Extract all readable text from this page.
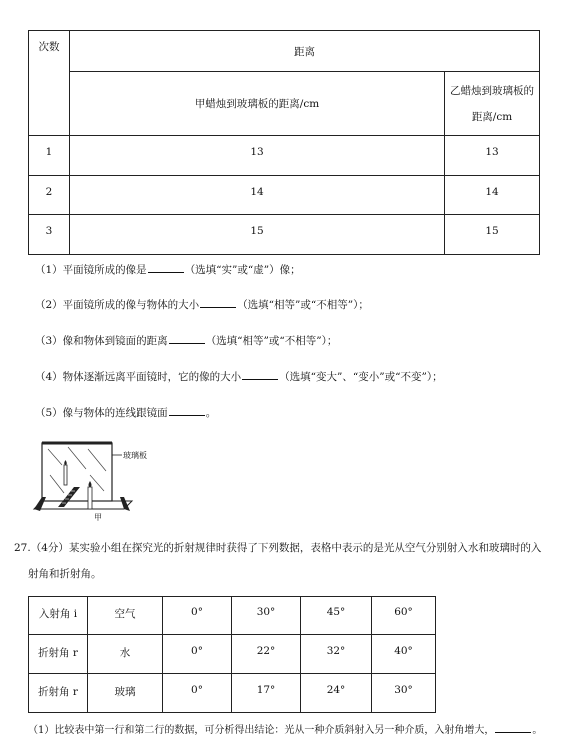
次数	距离	
	甲蜡烛到玻璃板的距离/cm	乙蜡烛到玻璃板的
距离/cm
1	13	13
2	14	14
3	15	15
（1）平面镜所成的像是	（选填“实”或“虚”）像；
（2）平面镜所成的像与物体的大小	（选填“相等”或“不相等”）；
（3）像和物体到镜面的距离	（选填“相等”或“不相等”）；
（4）物体逐渐远离平面镜时，它的像的大小	（选填“变大”、“变小”或“不变”）；
（5）像与物体的连线跟镜面	。
玻璃板
甲
27.（4分）某实验小组在探究光的折射规律时获得了下列数据，表格中表示的是光从空气分别射入水和玻璃时的入
射角和折射角。
入射角 i	空气	0°	30°	45°	60°
折射角 r	水	0°	22°	32°	40°
折射角 r	玻璃	0°	17°	24°	30°
（1）比较表中第一行和第二行的数据，可分析得出结论：光从一种介质斜射入另一种介质，入射角增大，	。
